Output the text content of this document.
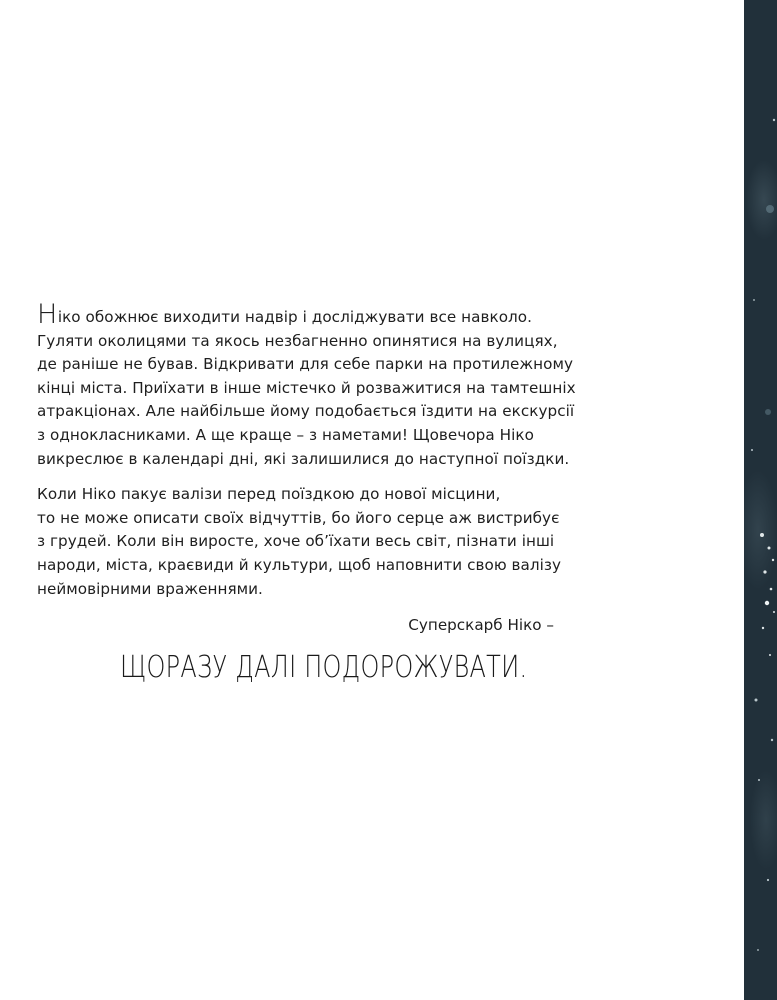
Ніко обожнює виходити надвір і досліджувати все навколо.
Гуляти околицями та якось незбагненно опинятися на вулицях,
де раніше не бував. Відкривати для себе парки на протилежному
кінці міста. Приїхати в інше містечко й розважитися на тамтешніх
атракціонах. Але найбільше йому подобається їздити на екскурсії
з однокласниками. А ще краще – з наметами! Щовечора Ніко
викреслює в календарі дні, які залишилися до наступної поїздки.

Коли Ніко пакує валізи перед поїздкою до нової місцини,
то не може описати своїх відчуттів, бо його серце аж вистрибує
з грудей. Коли він виросте, хоче об’їхати весь світ, пізнати інші
народи, міста, краєвиди й культури, щоб наповнити свою валізу
неймовірними враженнями.

Суперскарб Ніко –
ЩОРАЗУ ДАЛІ ПОДОРОЖУВАТИ.
